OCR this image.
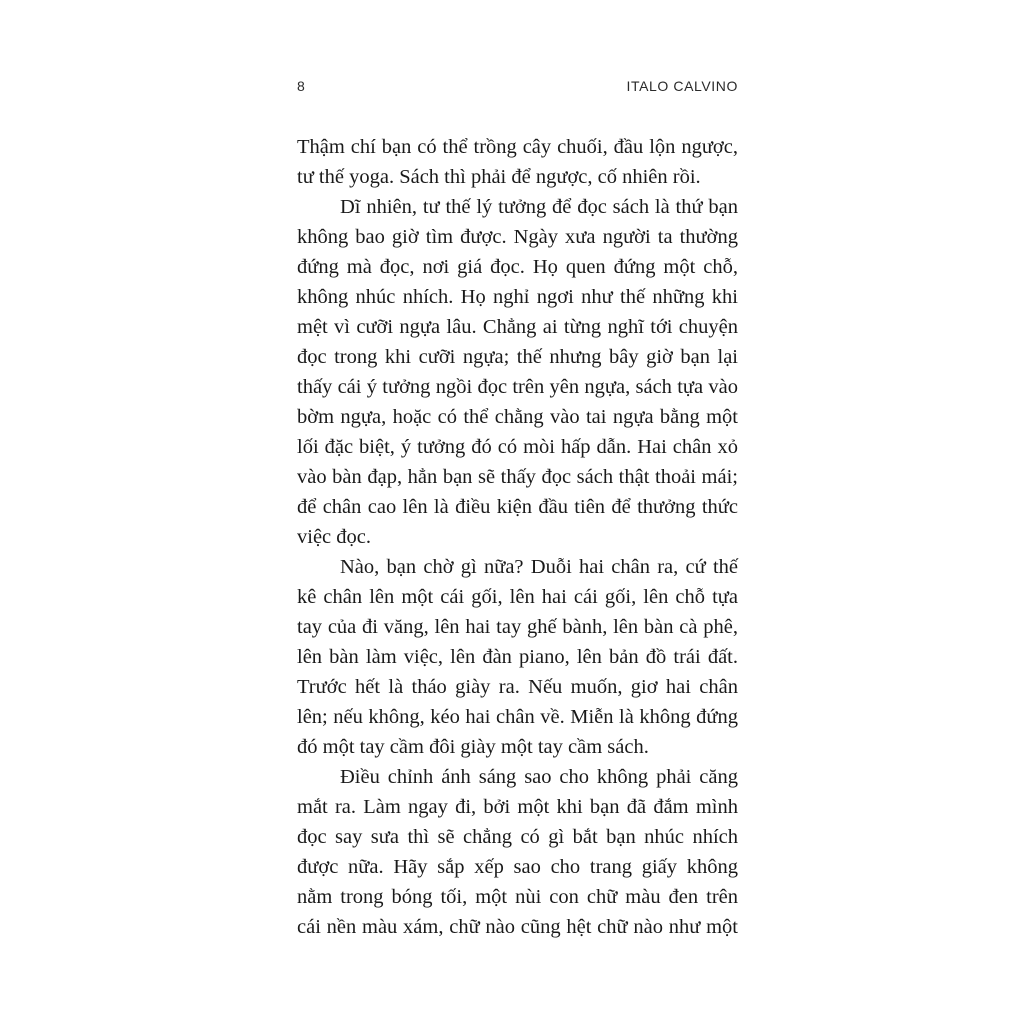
8	ITALO CALVINO
Thậm chí bạn có thể trồng cây chuối, đầu lộn ngược,
tư thế yoga. Sách thì phải để ngược, cố nhiên rồi.
Dĩ nhiên, tư thế lý tưởng để đọc sách là thứ bạn
không bao giờ tìm được. Ngày xưa người ta thường
đứng mà đọc, nơi giá đọc. Họ quen đứng một chỗ,
không nhúc nhích. Họ nghỉ ngơi như thế những khi
mệt vì cưỡi ngựa lâu. Chẳng ai từng nghĩ tới chuyện
đọc trong khi cưỡi ngựa; thế nhưng bây giờ bạn lại
thấy cái ý tưởng ngồi đọc trên yên ngựa, sách tựa vào
bờm ngựa, hoặc có thể chằng vào tai ngựa bằng một
lối đặc biệt, ý tưởng đó có mòi hấp dẫn. Hai chân xỏ
vào bàn đạp, hẳn bạn sẽ thấy đọc sách thật thoải mái;
để chân cao lên là điều kiện đầu tiên để thưởng thức
việc đọc.
Nào, bạn chờ gì nữa? Duỗi hai chân ra, cứ thế
kê chân lên một cái gối, lên hai cái gối, lên chỗ tựa
tay của đi văng, lên hai tay ghế bành, lên bàn cà phê,
lên bàn làm việc, lên đàn piano, lên bản đồ trái đất.
Trước hết là tháo giày ra. Nếu muốn, giơ hai chân
lên; nếu không, kéo hai chân về. Miễn là không đứng
đó một tay cầm đôi giày một tay cầm sách.
Điều chỉnh ánh sáng sao cho không phải căng
mắt ra. Làm ngay đi, bởi một khi bạn đã đắm mình
đọc say sưa thì sẽ chẳng có gì bắt bạn nhúc nhích
được nữa. Hãy sắp xếp sao cho trang giấy không
nằm trong bóng tối, một nùi con chữ màu đen trên
cái nền màu xám, chữ nào cũng hệt chữ nào như một
